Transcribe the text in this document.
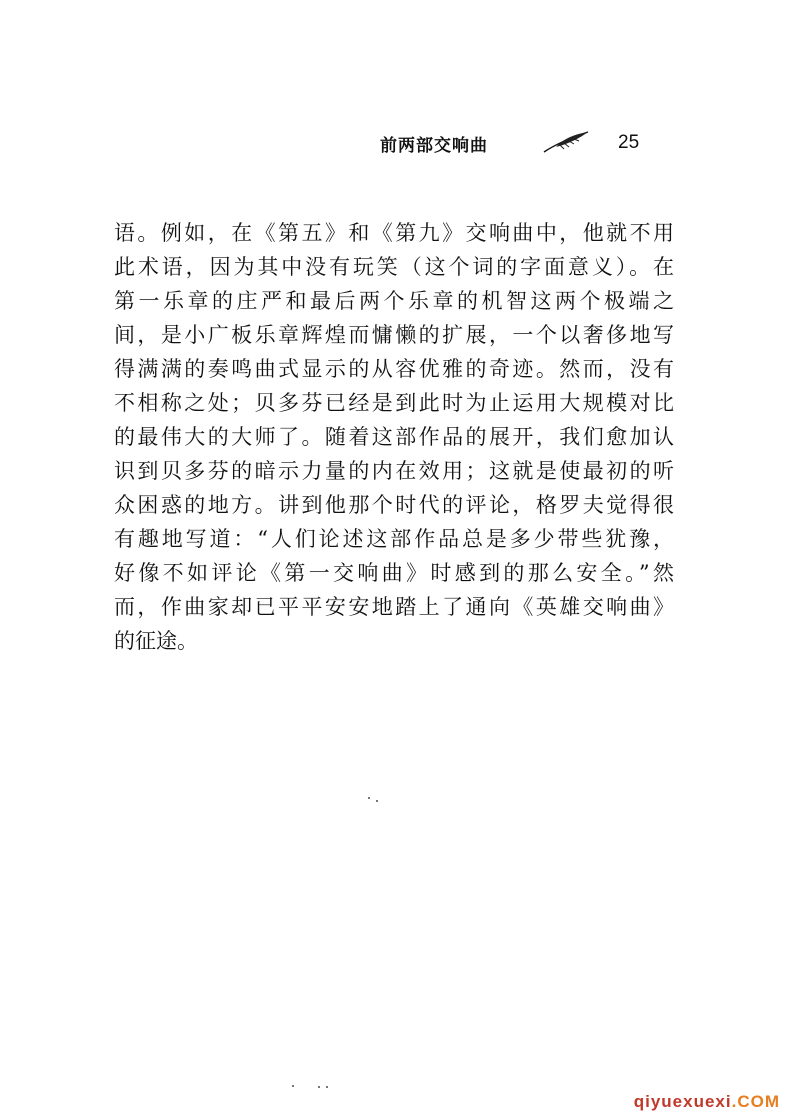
前两部交响曲	25
语。例如，在《第五》和《第九》交响曲中，他就不用
此术语，因为其中没有玩笑（这个词的字面意义）。在
第一乐章的庄严和最后两个乐章的机智这两个极端之
间，是小广板乐章辉煌而慵懒的扩展，一个以奢侈地写
得满满的奏鸣曲式显示的从容优雅的奇迹。然而，没有
不相称之处；贝多芬已经是到此时为止运用大规模对比
的最伟大的大师了。随着这部作品的展开，我们愈加认
识到贝多芬的暗示力量的内在效用；这就是使最初的听
众困惑的地方。讲到他那个时代的评论，格罗夫觉得很
有趣地写道：“人们论述这部作品总是多少带些犹豫，
好像不如评论《第一交响曲》时感到的那么安全。”然
而，作曲家却已平平安安地踏上了通向《英雄交响曲》
的征途。
qiyuexuexi.COM
